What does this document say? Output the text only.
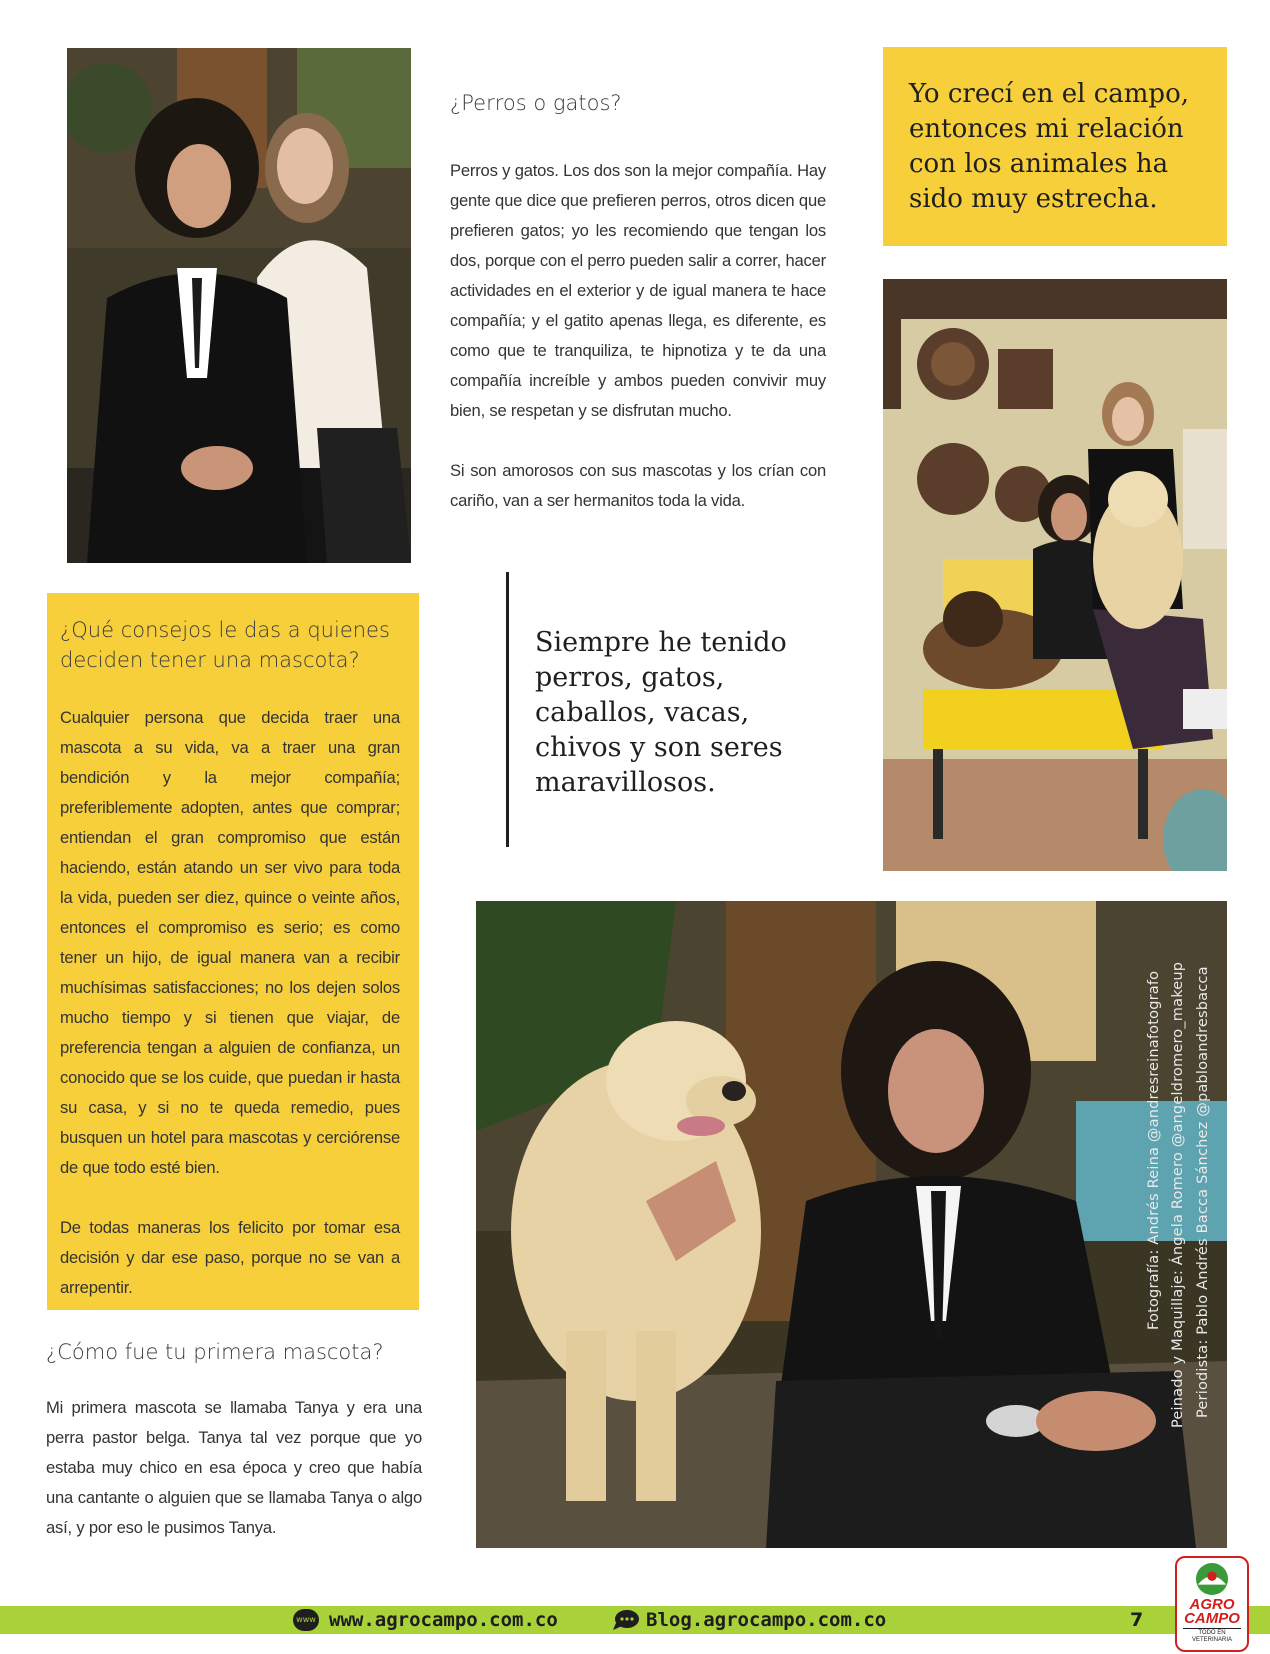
¿Perros o gatos?

Perros y gatos. Los dos son la mejor compañía. Hay gente que dice que prefieren perros, otros dicen que prefieren gatos; yo les recomiendo que tengan los dos, porque con el perro pueden salir a correr, hacer actividades en el exterior y de igual manera te hace compañía; y el gatito apenas llega, es diferente, es como que te tranquiliza, te hipnotiza y te da una compañía increíble y ambos pueden convivir muy bien, se respetan y se disfrutan mucho.

Si son amorosos con sus mascotas y los crían con cariño, van a ser hermanitos toda la vida.

Yo crecí en el campo, entonces mi relación con los animales ha sido muy estrecha.

Siempre he tenido perros, gatos, caballos, vacas, chivos y son seres maravillosos.

¿Qué consejos le das a quienes deciden tener una mascota?

Cualquier persona que decida traer una mascota a su vida, va a traer una gran bendición y la mejor compañía; preferiblemente adopten, antes que comprar; entiendan el gran compromiso que están haciendo, están atando un ser vivo para toda la vida, pueden ser diez, quince o veinte años, entonces el compromiso es serio; es como tener un hijo, de igual manera van a recibir muchísimas satisfacciones; no los dejen solos mucho tiempo y si tienen que viajar, de preferencia tengan a alguien de confianza, un conocido que se los cuide, que puedan ir hasta su casa, y si no te queda remedio, pues busquen un hotel para mascotas y cerciórense de que todo esté bien.

De todas maneras los felicito por tomar esa decisión y dar ese paso, porque no se van a arrepentir.

¿Cómo fue tu primera mascota?

Mi primera mascota se llamaba Tanya y era una perra pastor belga. Tanya tal vez porque que yo estaba muy chico en esa época y creo que había una cantante o alguien que se llamaba Tanya o algo así, y por eso le pusimos Tanya.

Fotografía: Andrés Reina @andresreinafotografo Peinado y Maquillaje: Ángela Romero @angeldromero_makeup Periodista: Pablo Andrés Bacca Sánchez @pabloandresbacca
www www.agrocampo.com.co	Blog.agrocampo.com.co	7
AGRO
CAMPO
TODO EN VETERINARIA
